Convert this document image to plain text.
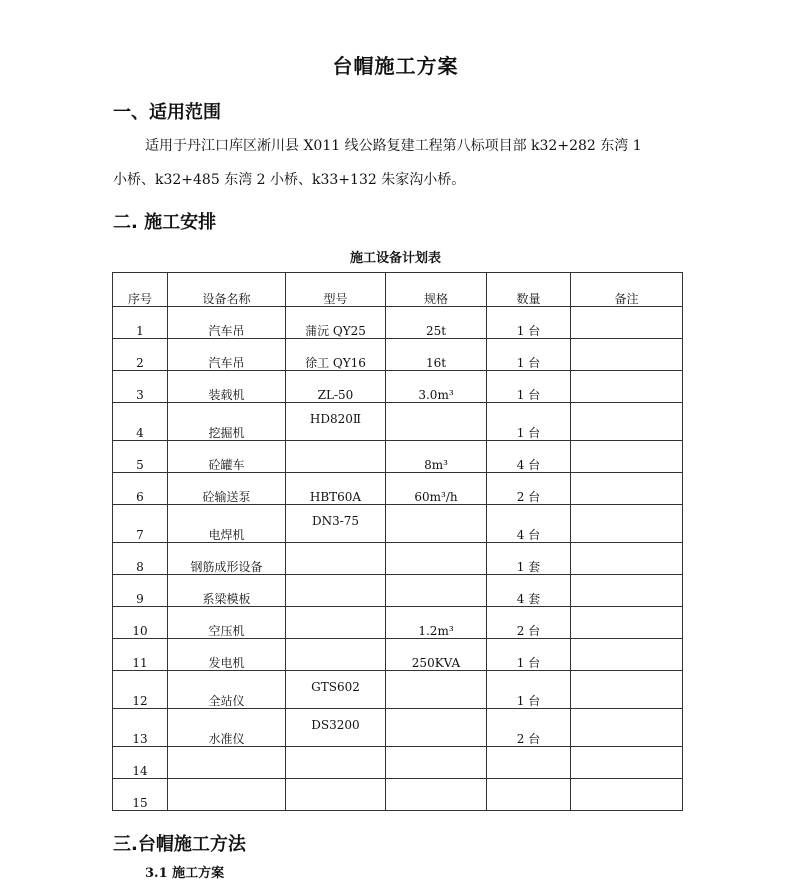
台帽施工方案
一、适用范围

适用于丹江口库区淅川县 X011 线公路复建工程第八标项目部 k32+282 东湾 1
小桥、k32+485 东湾 2 小桥、k33+132 朱家沟小桥。

二. 施工安排
施工设备计划表
序号	设备名称	型号	规格	数量	备注
1	汽车吊	蒲沅 QY25	25t	1 台	
2	汽车吊	徐工 QY16	16t	1 台	
3	装载机	ZL-50	3.0m³	1 台	
4	挖掘机	HD820Ⅱ		1 台	
5	砼罐车		8m³	4 台	
6	砼输送泵	HBT60A	60m³/h	2 台	
7	电焊机	DN3-75		4 台	
8	钢筋成形设备			1 套	
9	系梁模板			4 套	
10	空压机		1.2m³	2 台	
11	发电机		250KVA	1 台	
12	全站仪	GTS602		1 台	
13	水准仪	DS3200		2 台	
14					
15					
三.台帽施工方法
3.1 施工方案
